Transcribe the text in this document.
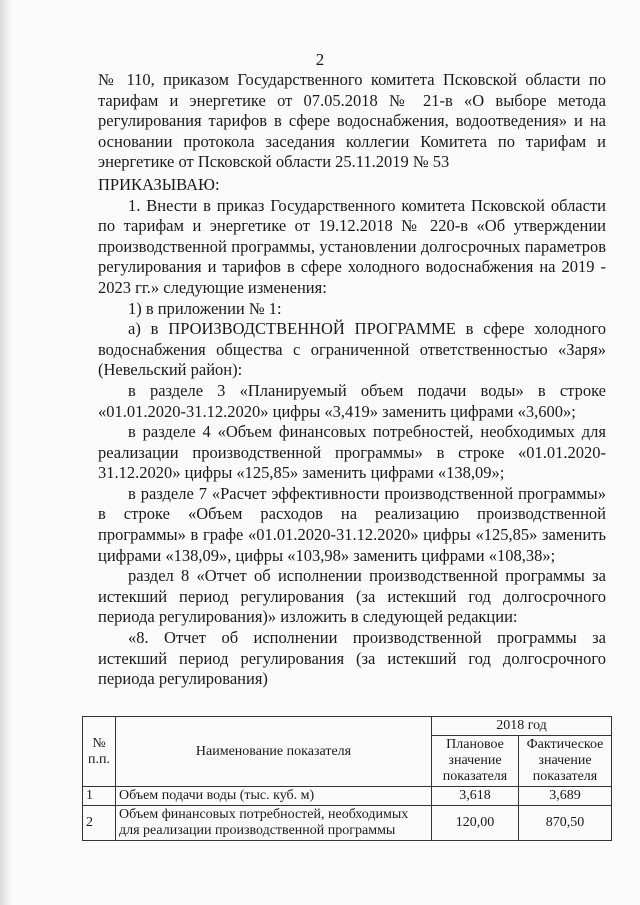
2

№ 110, приказом Государственного комитета Псковской области по тарифам и энергетике от 07.05.2018 № 21-в «О выборе метода регулирования тарифов в сфере водоснабжения, водоотведения» и на основании протокола заседания коллегии Комитета по тарифам и энергетике от Псковской области 25.11.2019 № 53

ПРИКАЗЫВАЮ:

1. Внести в приказ Государственного комитета Псковской области по тарифам и энергетике от 19.12.2018 № 220-в «Об утверждении производственной программы, установлении долгосрочных параметров регулирования и тарифов в сфере холодного водоснабжения на 2019 - 2023 гг.» следующие изменения:

1) в приложении № 1:

а) в ПРОИЗВОДСТВЕННОЙ ПРОГРАММЕ в сфере холодного водоснабжения общества с ограниченной ответственностью «Заря» (Невельский район):

в разделе 3 «Планируемый объем подачи воды» в строке «01.01.2020-31.12.2020» цифры «3,419» заменить цифрами «3,600»;

в разделе 4 «Объем финансовых потребностей, необходимых для реализации производственной программы» в строке «01.01.2020-31.12.2020» цифры «125,85» заменить цифрами «138,09»;

в разделе 7 «Расчет эффективности производственной программы» в строке «Объем расходов на реализацию производственной программы» в графе «01.01.2020-31.12.2020» цифры «125,85» заменить цифрами «138,09», цифры «103,98» заменить цифрами «108,38»;

раздел 8 «Отчет об исполнении производственной программы за истекший период регулирования (за истекший год долгосрочного периода регулирования)» изложить в следующей редакции:

«8. Отчет об исполнении производственной программы за истекший период регулирования (за истекший год долгосрочного периода регулирования)

№ п.п.	Наименование показателя	2018 год	
		Плановое значение показателя	Фактическое значение показателя
1	Объем подачи воды (тыс. куб. м)	3,618	3,689
2	Объем финансовых потребностей, необходимых для реализации производственной программы	120,00	870,50
